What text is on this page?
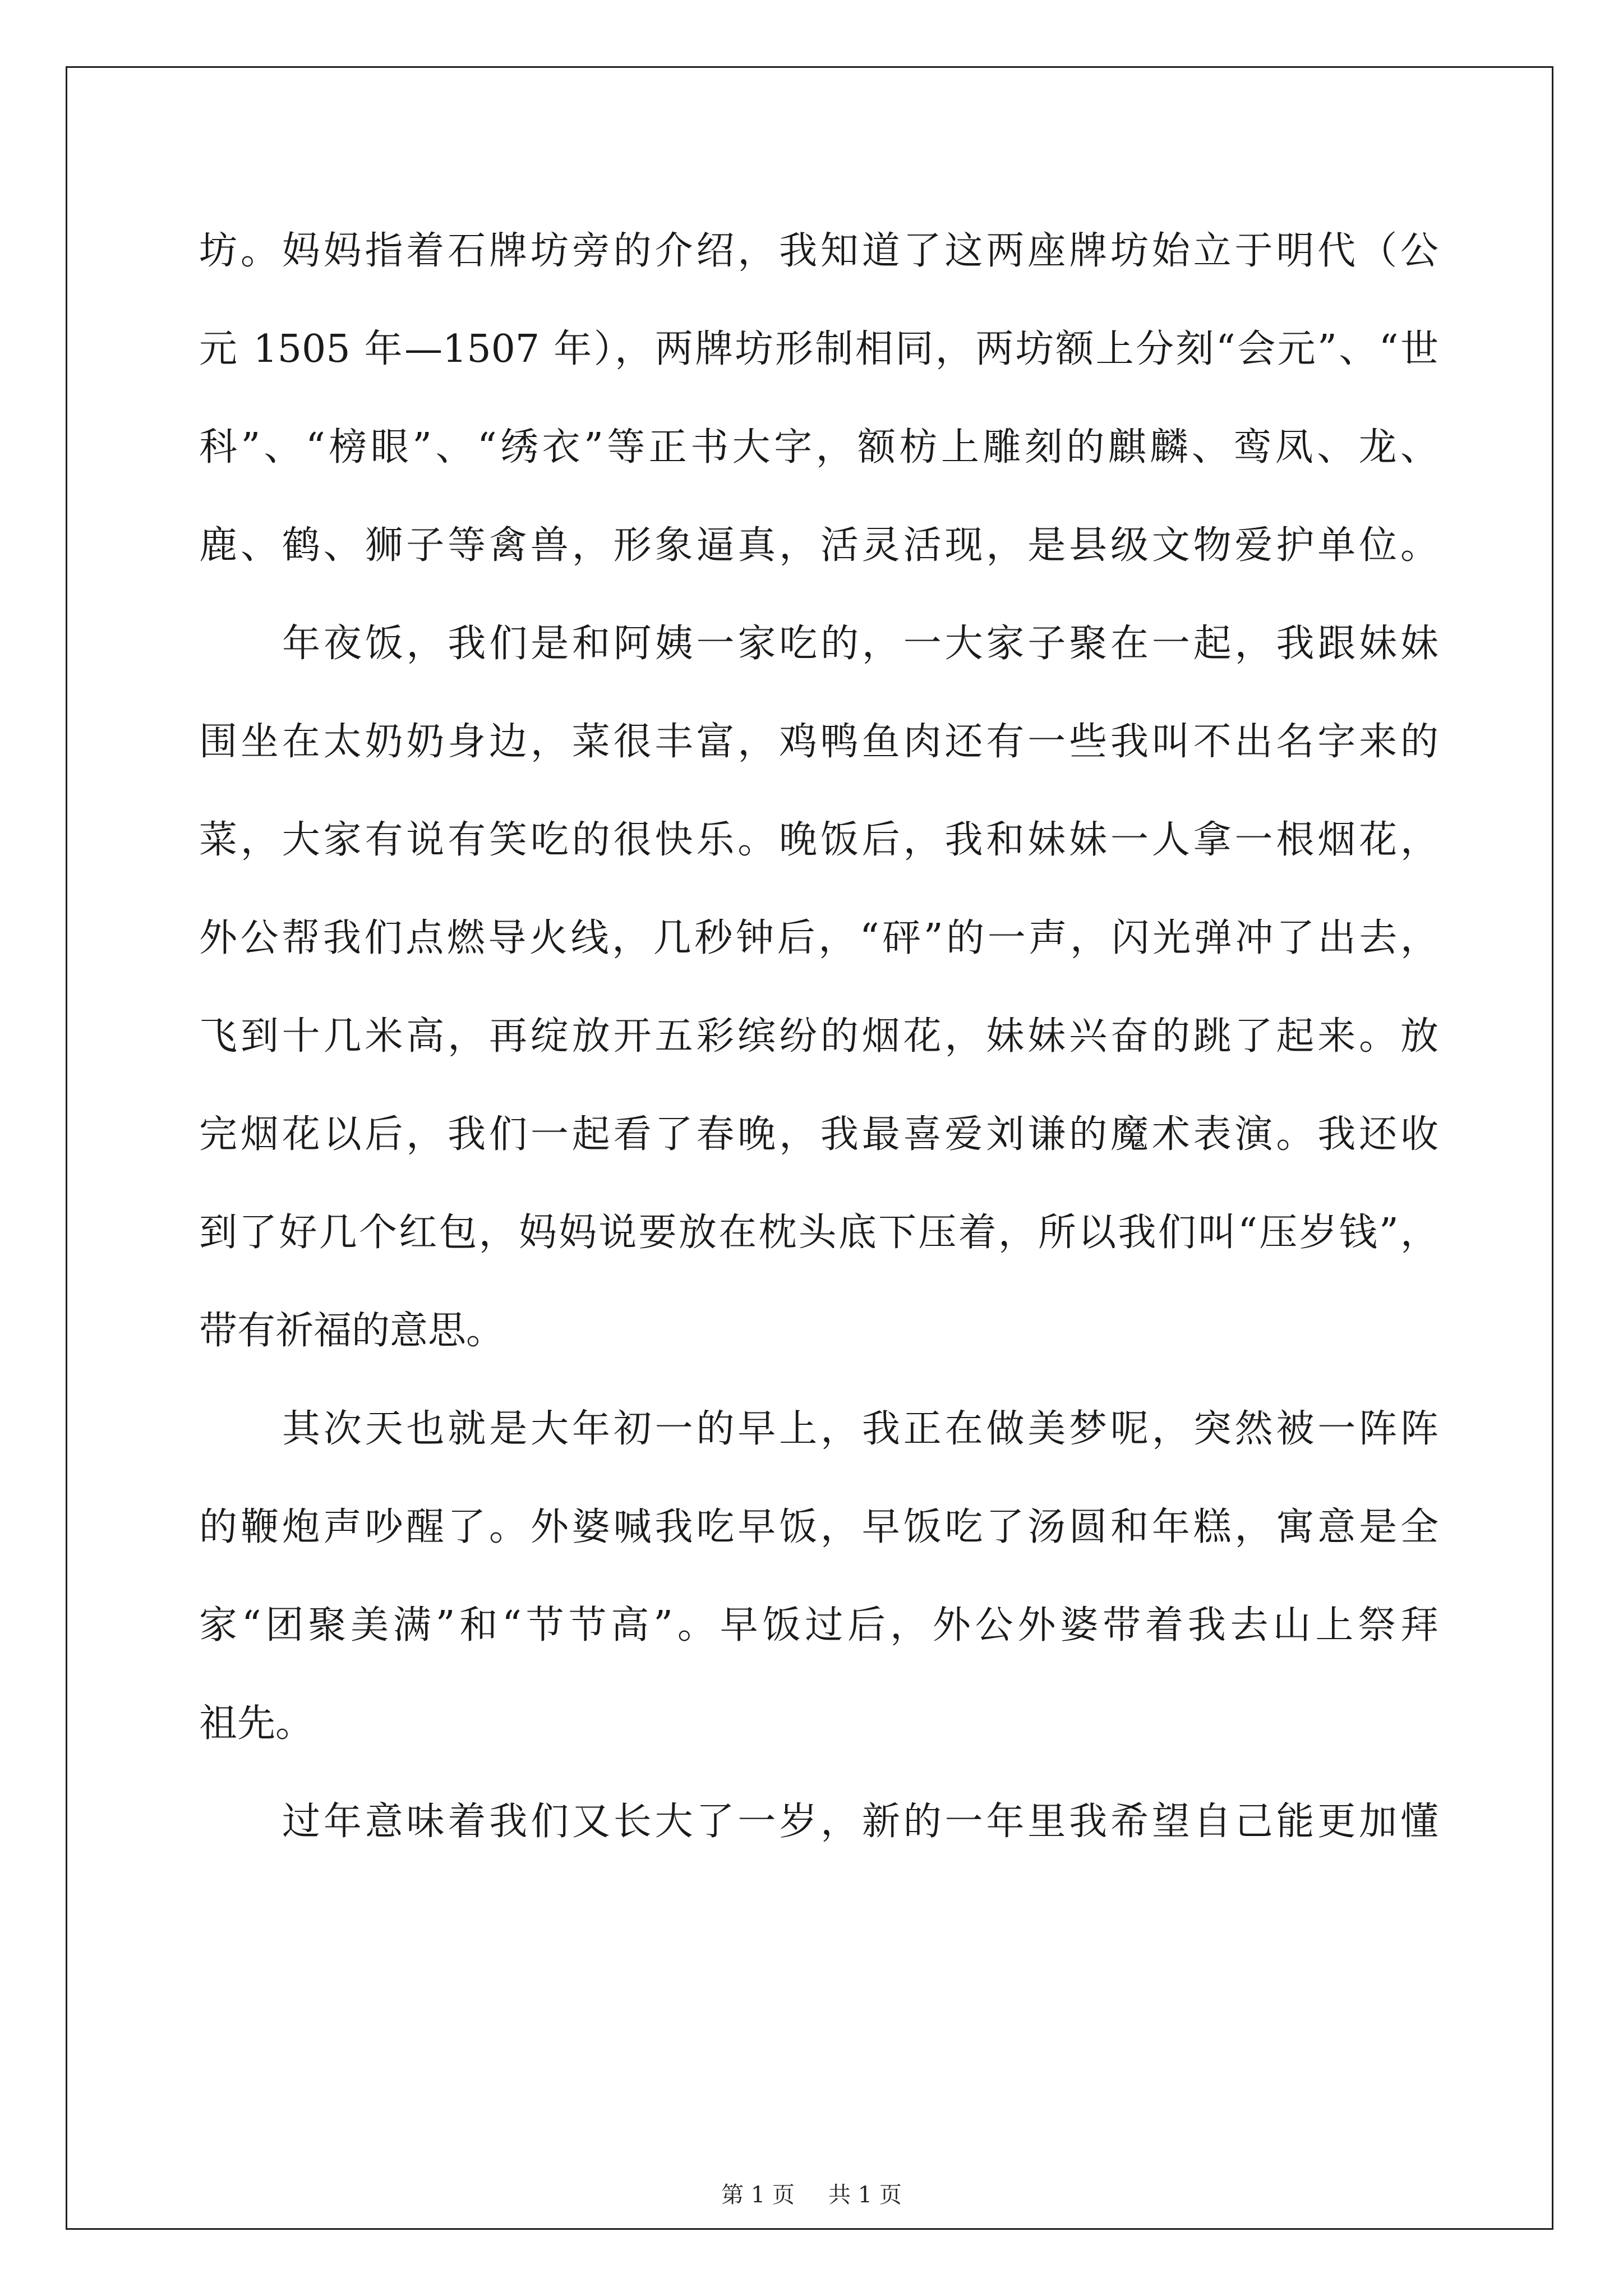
坊。妈妈指着石牌坊旁的介绍，我知道了这两座牌坊始立于明代（公
元 1505 年—1507 年），两牌坊形制相同，两坊额上分刻“会元”、“世
科”、“榜眼”、“绣衣”等正书大字，额枋上雕刻的麒麟、鸾凤、龙、
鹿、鹤、狮子等禽兽，形象逼真，活灵活现，是县级文物爱护单位。
年夜饭，我们是和阿姨一家吃的，一大家子聚在一起，我跟妹妹
围坐在太奶奶身边，菜很丰富，鸡鸭鱼肉还有一些我叫不出名字来的
菜，大家有说有笑吃的很快乐。晚饭后，我和妹妹一人拿一根烟花，
外公帮我们点燃导火线，几秒钟后，“砰”的一声，闪光弹冲了出去，
飞到十几米高，再绽放开五彩缤纷的烟花，妹妹兴奋的跳了起来。放
完烟花以后，我们一起看了春晚，我最喜爱刘谦的魔术表演。我还收
到了好几个红包，妈妈说要放在枕头底下压着，所以我们叫“压岁钱”，
带有祈福的意思。
其次天也就是大年初一的早上，我正在做美梦呢，突然被一阵阵
的鞭炮声吵醒了。外婆喊我吃早饭，早饭吃了汤圆和年糕，寓意是全
家“团聚美满”和“节节高”。早饭过后，外公外婆带着我去山上祭拜
祖先。
过年意味着我们又长大了一岁，新的一年里我希望自己能更加懂
第 1 页 共 1 页
